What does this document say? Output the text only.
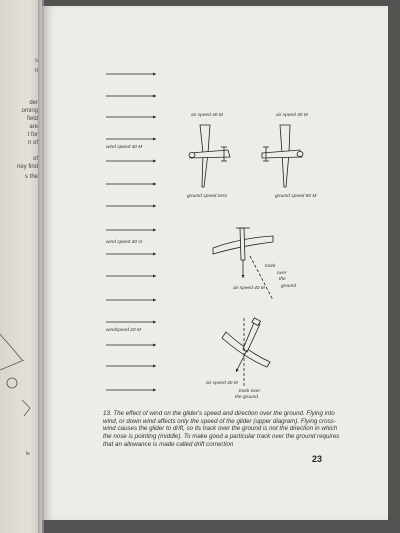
s
n
der
oming
field
are
t for
n of
of
ney find
s the
le
wind speed 40 M
air speed 40 M	air speed 40 M
ground speed zero	ground speed 80 M
wind speed 40 st
air speed 40 M
track
over
the
ground
windspeed 20 M
air speed 40 M
track over
the ground
13. The effect of wind on the glider's speed and direction over the ground. Flying into wind, or down wind affects only the speed of the glider (upper diagram). Flying cross-wind causes the glider to drift, so its track over the ground is not the direction in which the nose is pointing (middle). To make good a particular track over the ground requires that an allowance is made called drift correction
23
